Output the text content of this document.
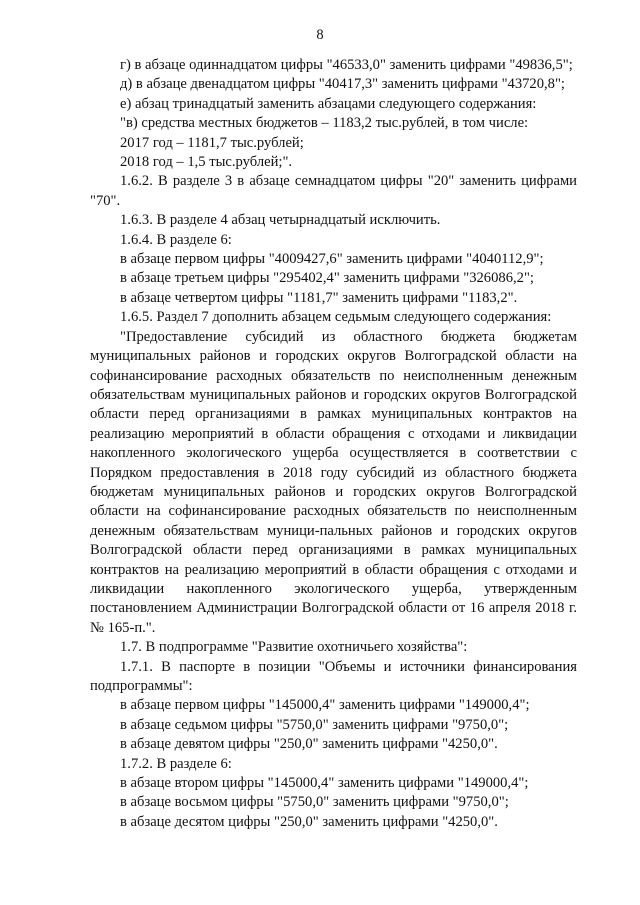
8

г) в абзаце одиннадцатом цифры "46533,0" заменить цифрами "49836,5";

д) в абзаце двенадцатом цифры "40417,3" заменить цифрами "43720,8";

е) абзац тринадцатый заменить абзацами следующего содержания:

"в) средства местных бюджетов – 1183,2 тыс.рублей, в том числе:

2017 год – 1181,7 тыс.рублей;

2018 год – 1,5 тыс.рублей;".

1.6.2. В разделе 3 в абзаце семнадцатом цифры "20" заменить цифрами "70".

1.6.3. В разделе 4 абзац четырнадцатый исключить.

1.6.4. В разделе 6:

в абзаце первом цифры "4009427,6" заменить цифрами "4040112,9";

в абзаце третьем цифры "295402,4" заменить цифрами "326086,2";

в абзаце четвертом цифры "1181,7" заменить цифрами "1183,2".

1.6.5. Раздел 7 дополнить абзацем седьмым следующего содержания:

"Предоставление субсидий из областного бюджета бюджетам муниципальных районов и городских округов Волгоградской области на софинансирование расходных обязательств по неисполненным денежным обязательствам муниципальных районов и городских округов Волгоградской области перед организациями в рамках муниципальных контрактов на реализацию мероприятий в области обращения с отходами и ликвидации накопленного экологического ущерба осуществляется в соответствии с Порядком предоставления в 2018 году субсидий из областного бюджета бюджетам муниципальных районов и городских округов Волгоградской области на софинансирование расходных обязательств по неисполненным денежным обязательствам муници-пальных районов и городских округов Волгоградской области перед организациями в рамках муниципальных контрактов на реализацию мероприятий в области обращения с отходами и ликвидации накопленного экологического ущерба, утвержденным постановлением Администрации Волгоградской области от 16 апреля 2018 г. № 165-п.".

1.7. В подпрограмме "Развитие охотничьего хозяйства":

1.7.1. В паспорте в позиции "Объемы и источники финансирования подпрограммы":

в абзаце первом цифры "145000,4" заменить цифрами "149000,4";

в абзаце седьмом цифры "5750,0" заменить цифрами "9750,0";

в абзаце девятом цифры "250,0" заменить цифрами "4250,0".

1.7.2. В разделе 6:

в абзаце втором цифры "145000,4" заменить цифрами "149000,4";

в абзаце восьмом цифры "5750,0" заменить цифрами "9750,0";

в абзаце десятом цифры "250,0" заменить цифрами "4250,0".
